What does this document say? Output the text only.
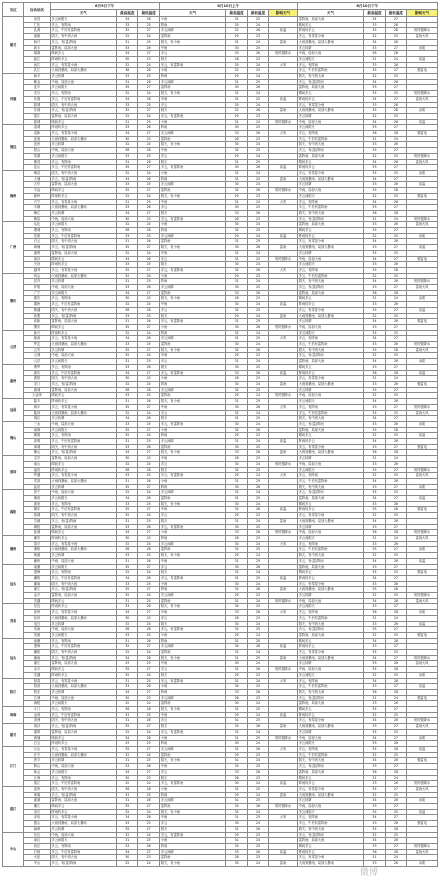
市区	自动站名	6月9日下午			6月10日上午				6月10日下午			
		天气	最高温度	最低温度	天气	最高温度	最低温度	影响天气	天气	最高温度	最低温度	影响天气
韶关	乐昌	多云间阴天	34	26	小雨	31	25		雷阵雨，局部大雨	34	27	
	仁化	多云，有阵雨	33	25	阵雨	30	24		晴间多云	33	26	
	乳源	多云，午后有雷阵雨	35	27	多云间晴	32	26	高温	阵雨转多云	35	28	短时强降水
	南雄	阴天，有中到大雨	32	24	雷阵雨	29	23		多云，有零星小雨	32	25	雷雨大风
	始兴	多云，有(雷)阵雨	31	25	阴天，有小雨	31	24	雷雨	大雨到暴雨，局部大暴雨	34	26	
	新丰	雷阵雨，局部大雨	33	26	中雨	30	25		多云转晴	33	27	冰雹
	翁源	晴间多云	34	27	多云	33	26	短时强降水	中雨，局部大雨	36	28	
	曲江	阵雨转多云	30	23	阴天	28	23		多云间阴天	31	24	高温
	浈江	多云，有零星小雨	32	24	多云，有雷阵雨	30	24	大风	多云，有阵雨	33	26	
	武江	大雨到暴雨，局部大暴雨	36	28	小雨	32	25		多云，午后有雷阵雨	35	27	强雷电
河源	和平	多云转晴	33	25	阵雨	29	24		阴天，有中到大雨	32	25	
	紫金	中雨，局部大雨	31	26	多云间晴	31	25		多云，有(雷)阵雨	34	26	
	连平	多云间阴天	35	27	雷阵雨	30	26		雷阵雨，局部大雨	33	27	
	龙川	多云，有阵雨	32	24	阴天，有小雨	32	24		晴间多云	35	25	短时强降水
	东源	多云，午后有雷阵雨	34	26	中雨	31	25	高温	阵雨转多云	34	27	雷雨大风
	源城	阴天，有中到大雨	33	25	多云	30	24		多云，有零星小雨	33	26	
	东源	多云，有(雷)阵雨	35	27	阴天	32	26	雷雨	大雨到暴雨，局部大暴雨	35	28	冰雹
	蓬江	雷阵雨，局部大雨	32	24	多云，有雷阵雨	29	23		多云转晴	32	25	
	源城	晴间多云	31	25	小雨	31	24	短时强降水	中雨，局部大雨	34	26	高温
清远	清城	阵雨转多云	33	26	阵雨	30	25		多云间阴天	33	27	
	清新	多云，有零星小雨	34	27	多云间晴	33	26	大风	多云，有阵雨	36	28	强雷电
	连南	大雨到暴雨，局部大暴雨	30	23	雷阵雨	28	23		多云，午后有雷阵雨	31	24	
	连州	多云转晴	32	24	阴天，有小雨	30	24		阴天，有中到大雨	33	26	
	阳山	中雨，局部大雨	36	28	中雨	32	25		多云，有(雷)阵雨	35	27	
	英德	多云间阴天	33	25	多云	29	24		雷阵雨，局部大雨	32	25	短时强降水
	佛冈	多云，有阵雨	31	26	阴天	31	25		晴间多云	34	26	雷雨大风
	连山	多云，午后有雷阵雨	35	27	多云，有雷阵雨	30	26	高温	阵雨转多云	33	27	
梅州	梅县	阴天，有中到大雨	32	24	小雨	32	24		多云，有零星小雨	35	25	冰雹
	大埔	多云，有(雷)阵雨	34	26	阵雨	31	25	雷雨	大雨到暴雨，局部大暴雨	34	27	
	五华	雷阵雨，局部大雨	33	25	多云间晴	30	24		多云转晴	33	26	高温
	平远	晴间多云	35	27	雷阵雨	32	26	短时强降水	中雨，局部大雨	35	28	
	蕉岭	阵雨转多云	32	24	阴天，有小雨	29	23		多云间阴天	32	25	强雷电
	兴宁	多云，有零星小雨	31	25	中雨	31	24	大风	多云，有阵雨	34	26	
	丰顺	大雨到暴雨，局部大暴雨	33	26	多云	30	25		多云，午后有雷阵雨	33	27	
	梅江	多云转晴	34	27	阴天	33	26		阴天，有中到大雨	36	28	
	梅县	中雨，局部大雨	30	23	多云，有雷阵雨	28	23		多云，有(雷)阵雨	31	24	短时强降水
广州	从化	多云间阴天	32	24	小雨	30	24		雷阵雨，局部大雨	33	26	雷雨大风
	增城	多云，有阵雨	36	28	阵雨	32	25		晴间多云	35	27	
	花都	多云，午后有雷阵雨	33	25	多云间晴	29	24	高温	阵雨转多云	32	25	冰雹
	白云	阴天，有中到大雨	31	26	雷阵雨	31	25		多云，有零星小雨	34	26	
	黄埔	多云，有(雷)阵雨	35	27	阴天，有小雨	30	26	雷雨	大雨到暴雨，局部大暴雨	33	27	高温
	番禺	雷阵雨，局部大雨	32	24	中雨	32	24		多云转晴	35	25	
	南沙	晴间多云	34	26	多云	31	25	短时强降水	中雨，局部大雨	34	27	强雷电
	天河	阵雨转多云	33	25	阴天	30	24		多云间阴天	33	26	
	越秀	多云，有零星小雨	35	27	多云，有雷阵雨	32	26	大风	多云，有阵雨	35	28	
肇庆	四会	大雨到暴雨，局部大暴雨	32	24	小雨	29	23		多云，午后有雷阵雨	32	25	
	封开	多云转晴	31	25	阵雨	31	24		阴天，有中到大雨	34	26	短时强降水
	怀集	中雨，局部大雨	33	26	多云间晴	30	25		多云，有(雷)阵雨	33	27	雷雨大风
	广宁	多云间阴天	34	27	雷阵雨	33	26		雷阵雨，局部大雨	36	28	
	德庆	多云，有阵雨	30	23	阴天，有小雨	28	23		晴间多云	31	24	冰雹
	端州	多云，午后有雷阵雨	32	24	中雨	30	24	高温	阵雨转多云	33	26	
	鼎湖	阴天，有中到大雨	36	28	多云	32	25		多云，有零星小雨	35	27	高温
	高要	多云，有(雷)阵雨	33	25	阴天	29	24	雷雨	大雨到暴雨，局部大暴雨	32	25	
	高新	雷阵雨，局部大雨	31	26	多云，有雷阵雨	31	25		多云转晴	34	26	强雷电
	肇庆	晴间多云	35	27	小雨	30	26	短时强降水	中雨，局部大雨	33	27	
云浮	新兴	阵雨转多云	32	24	阵雨	32	24		多云间阴天	35	25	
	郁南	多云，有零星小雨	34	26	多云间晴	31	25	大风	多云，有阵雨	34	27	
	罗定	大雨到暴雨，局部大暴雨	33	25	雷阵雨	30	24		多云，午后有雷阵雨	33	26	短时强降水
	云安	多云转晴	35	27	阴天，有小雨	32	26		阴天，有中到大雨	35	28	雷雨大风
	云城	中雨，局部大雨	32	24	中雨	29	23		多云，有(雷)阵雨	32	25	
	云浮	多云间阴天	31	25	多云	31	24		雷阵雨，局部大雨	34	26	冰雹
惠州	博罗	多云，有阵雨	33	26	阴天	30	25		晴间多云	33	27	
	惠东	多云，午后有雷阵雨	34	27	多云，有雷阵雨	33	26	高温	阵雨转多云	36	28	高温
	惠阳	阴天，有中到大雨	30	23	小雨	28	23		多云，有零星小雨	31	24	
	龙门	多云，有(雷)阵雨	32	24	阵雨	30	24	雷雨	大雨到暴雨，局部大暴雨	33	26	强雷电
	惠城	雷阵雨，局部大雨	36	28	多云间晴	32	25		多云转晴	35	27	
	大亚湾	晴间多云	33	25	雷阵雨	29	24	短时强降水	中雨，局部大雨	32	25	
汕尾	陆丰	阵雨转多云	31	26	阴天，有小雨	31	25		多云间阴天	34	26	
	海丰	多云，有零星小雨	35	27	中雨	30	26	大风	多云，有阵雨	33	27	短时强降水
	陆河	大雨到暴雨，局部大暴雨	32	24	多云	32	24		多云，午后有雷阵雨	35	25	雷雨大风
	城区	多云转晴	34	26	阴天	31	25		阴天，有中到大雨	34	27	
佛山	三水	中雨，局部大雨	33	25	多云，有雷阵雨	30	24		多云，有(雷)阵雨	33	26	冰雹
	南海	多云间阴天	35	27	小雨	32	26		雷阵雨，局部大雨	35	28	
	顺德	多云，有阵雨	32	24	阵雨	29	23		晴间多云	32	25	高温
	高明	多云，午后有雷阵雨	31	25	多云间晴	31	24	高温	阵雨转多云	34	26	
	禅城	阴天，有中到大雨	33	26	雷阵雨	30	25		多云，有零星小雨	33	27	强雷电
	佛山	多云，有(雷)阵雨	34	27	阴天，有小雨	33	26	雷雨	大雨到暴雨，局部大暴雨	36	28	
深圳	宝安	雷阵雨，局部大雨	30	23	中雨	28	23		多云转晴	31	24	
	南山	晴间多云	32	24	多云	30	24	短时强降水	中雨，局部大雨	33	26	
	福田	阵雨转多云	36	28	阴天	32	25		多云间阴天	35	27	短时强降水
	罗湖	多云，有零星小雨	33	25	多云，有雷阵雨	29	24	大风	多云，有阵雨	32	25	雷雨大风
	龙岗	大雨到暴雨，局部大暴雨	31	26	小雨	31	25		多云，午后有雷阵雨	34	26	
	盐田	多云转晴	35	27	阵雨	30	26		阴天，有中到大雨	33	27	冰雹
揭阳	普宁	中雨，局部大雨	32	24	多云间晴	32	24		多云，有(雷)阵雨	35	25	
	揭西	多云间阴天	34	26	雷阵雨	31	25		雷阵雨，局部大雨	34	27	高温
	惠来	多云，有阵雨	33	25	阴天，有小雨	30	24		晴间多云	33	26	
	揭东	多云，午后有雷阵雨	35	27	中雨	32	26	高温	阵雨转多云	35	28	强雷电
	榕城	阴天，有中到大雨	32	24	多云	29	23		多云，有零星小雨	32	25	
	空港	多云，有(雷)阵雨	31	25	阴天	31	24	雷雨	大雨到暴雨，局部大暴雨	34	26	
	揭阳	雷阵雨，局部大雨	33	26	多云，有雷阵雨	30	25		多云转晴	33	27	
	蓝城	晴间多云	34	27	小雨	33	26	短时强降水	中雨，局部大雨	36	28	短时强降水
潮州	潮安	阵雨转多云	30	23	阵雨	28	23		多云间阴天	31	24	雷雨大风
	饶平	多云，有零星小雨	32	24	多云间晴	30	24	大风	多云，有阵雨	33	26	
	湘桥	大雨到暴雨，局部大暴雨	36	28	雷阵雨	32	25		多云，午后有雷阵雨	35	27	冰雹
	枫溪	多云转晴	33	25	阴天，有小雨	29	24		阴天，有中到大雨	32	25	
	潮州	中雨，局部大雨	31	26	中雨	31	25		多云，有(雷)阵雨	34	26	高温
汕头	南澳	多云间阴天	35	27	多云	30	26		雷阵雨，局部大雨	33	27	
	澄海	多云，有阵雨	32	24	阴天	32	24		晴间多云	35	25	强雷电
	潮阳	多云，午后有雷阵雨	34	26	多云，有雷阵雨	31	25	高温	阵雨转多云	34	27	
	潮南	阴天，有中到大雨	33	25	小雨	30	24		多云，有零星小雨	33	26	
	濠江	多云，有(雷)阵雨	35	27	阵雨	32	26	雷雨	大雨到暴雨，局部大暴雨	35	28	
	金平	雷阵雨，局部大雨	32	24	多云间晴	29	23		多云转晴	32	25	短时强降水
	龙湖	晴间多云	31	25	雷阵雨	31	24	短时强降水	中雨，局部大雨	34	26	雷雨大风
茂名	信宜	阵雨转多云	33	26	阴天，有小雨	30	25		多云间阴天	33	27	
	高州	多云，有零星小雨	34	27	中雨	33	26	大风	多云，有阵雨	36	28	冰雹
	化州	大雨到暴雨，局部大暴雨	30	23	多云	28	23		多云，午后有雷阵雨	31	24	
	电白	多云转晴	32	24	阴天	30	24		阴天，有中到大雨	33	26	高温
	茂南	中雨，局部大雨	36	28	多云，有雷阵雨	32	25		多云，有(雷)阵雨	35	27	
	茂港	多云间阴天	33	25	小雨	29	24		雷阵雨，局部大雨	32	25	强雷电
汕头	南澳	多云，有阵雨	31	26	阵雨	31	25		晴间多云	34	26	
	澄海	多云，午后有雷阵雨	35	27	多云间晴	30	26	高温	阵雨转多云	33	27	
	潮阳	阴天，有中到大雨	32	24	雷阵雨	32	24		多云，有零星小雨	35	25	
	潮南	多云，有(雷)阵雨	34	26	阴天，有小雨	31	25	雷雨	大雨到暴雨，局部大暴雨	34	27	短时强降水
	濠江	雷阵雨，局部大雨	33	25	中雨	30	24		多云转晴	33	26	雷雨大风
	金平	晴间多云	35	27	多云	32	26	短时强降水	中雨，局部大雨	35	28	
	龙湖	阵雨转多云	32	24	阴天	29	23		多云间阴天	32	25	冰雹
阳江	阳春	多云，有零星小雨	31	25	多云，有雷阵雨	31	24	大风	多云，有阵雨	34	26	
	阳西	大雨到暴雨，局部大暴雨	33	26	小雨	30	25		多云，午后有雷阵雨	33	27	高温
	阳东	多云转晴	34	27	阵雨	33	26		阴天，有中到大雨	36	28	
	江城	中雨，局部大雨	30	23	多云间晴	28	23		多云，有(雷)阵雨	31	24	强雷电
	海陵	多云间阴天	32	24	雷阵雨	30	24		雷阵雨，局部大雨	33	26	
珠海	斗门	多云，有阵雨	36	28	阴天，有小雨	32	25		晴间多云	35	27	
	金湾	多云，午后有雷阵雨	33	25	中雨	29	24	高温	阵雨转多云	32	25	
	香洲	阴天，有中到大雨	31	26	多云	31	25		多云，有零星小雨	34	26	短时强降水
韶关	南沙	多云，有(雷)阵雨	35	27	阴天	30	26	雷雨	大雨到暴雨，局部大暴雨	33	27	雷雨大风
	番禺	雷阵雨，局部大雨	32	24	多云，有雷阵雨	32	24		多云转晴	35	25	
	黄埔	晴间多云	34	26	小雨	31	25	短时强降水	中雨，局部大雨	34	27	冰雹
	白云	阵雨转多云	33	25	阵雨	30	24		多云间阴天	33	26	
江门	台山	多云，有零星小雨	35	27	多云间晴	32	26	大风	多云，有阵雨	35	28	高温
	开平	大雨到暴雨，局部大暴雨	32	24	雷阵雨	29	23		多云，午后有雷阵雨	32	25	
	恩平	多云转晴	31	25	阴天，有小雨	31	24		阴天，有中到大雨	34	26	强雷电
	鹤山	中雨，局部大雨	33	26	中雨	30	25		多云，有(雷)阵雨	33	27	
	新会	多云间阴天	34	27	多云	33	26		雷阵雨，局部大雨	36	28	
	江海	多云，有阵雨	30	23	阴天	28	23		晴间多云	31	24	
	蓬江	多云，午后有雷阵雨	32	24	多云，有雷阵雨	30	24	高温	阵雨转多云	33	26	短时强降水
湛江	雷州	阴天，有中到大雨	36	28	小雨	32	25		多云，有零星小雨	35	27	雷雨大风
	徐闻	多云，有(雷)阵雨	33	25	阵雨	29	24	雷雨	大雨到暴雨，局部大暴雨	32	25	
	遂溪	雷阵雨，局部大雨	31	26	多云间晴	31	25		多云转晴	34	26	冰雹
	廉江	晴间多云	35	27	雷阵雨	30	26	短时强降水	中雨，局部大雨	33	27	
	吴川	阵雨转多云	32	24	阴天，有小雨	32	24		多云间阴天	35	25	高温
	赤坎	多云，有零星小雨	34	26	中雨	31	25	大风	多云，有阵雨	34	27	
	霞山	大雨到暴雨，局部大暴雨	33	25	多云	30	24		多云，午后有雷阵雨	33	26	强雷电
	麻章	多云转晴	35	27	阴天	32	26		阴天，有中到大雨	35	28	
中山	东区	中雨，局部大雨	32	24	多云，有雷阵雨	29	23		多云，有(雷)阵雨	32	25	
	南区	多云间阴天	31	25	小雨	31	24		雷阵雨，局部大雨	34	26	
	西区	多云，有阵雨	33	26	阵雨	30	25		晴间多云	33	27	短时强降水
	石岐	多云，午后有雷阵雨	34	27	多云间晴	33	26	高温	阵雨转多云	36	28	雷雨大风
	火炬	阴天，有中到大雨	30	23	雷阵雨	28	23		多云，有零星小雨	31	24	
	中山	多云，有(雷)阵雨	32	24	阴天，有小雨	30	24	雷雨	大雨到暴雨，局部大暴雨	33	26	冰雹
微博
